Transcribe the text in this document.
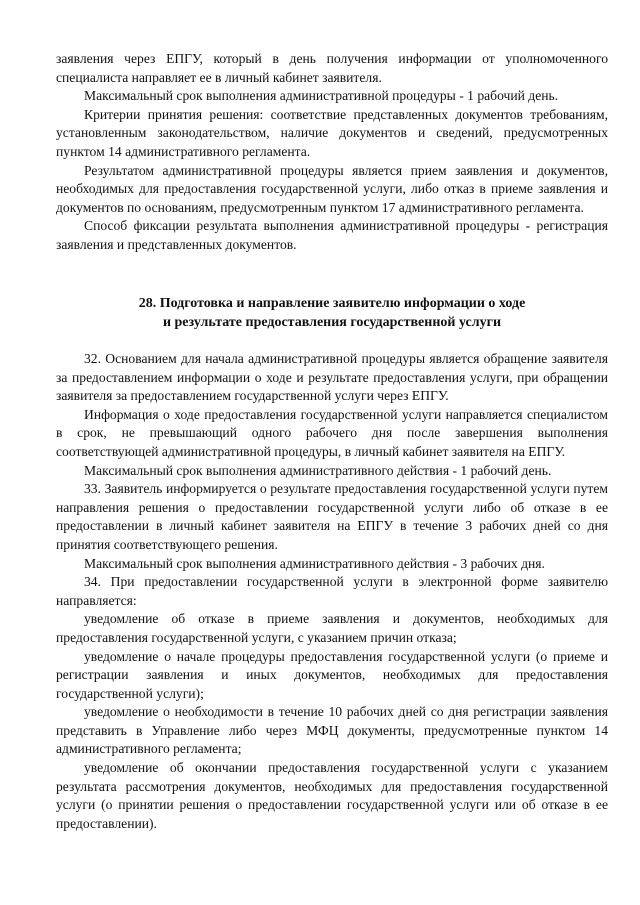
заявления через ЕПГУ, который в день получения информации от уполномоченного специалиста направляет ее в личный кабинет заявителя.

Максимальный срок выполнения административной процедуры - 1 рабочий день.

Критерии принятия решения: соответствие представленных документов требованиям, установленным законодательством, наличие документов и сведений, предусмотренных пунктом 14 административного регламента.

Результатом административной процедуры является прием заявления и документов, необходимых для предоставления государственной услуги, либо отказ в приеме заявления и документов по основаниям, предусмотренным пунктом 17 административного регламента.

Способ фиксации результата выполнения административной процедуры - регистрация заявления и представленных документов.

28. Подготовка и направление заявителю информации о ходе
и результате предоставления государственной услуги

32. Основанием для начала административной процедуры является обращение заявителя за предоставлением информации о ходе и результате предоставления услуги, при обращении заявителя за предоставлением государственной услуги через ЕПГУ.

Информация о ходе предоставления государственной услуги направляется специалистом в срок, не превышающий одного рабочего дня после завершения выполнения соответствующей административной процедуры, в личный кабинет заявителя на ЕПГУ.

Максимальный срок выполнения административного действия - 1 рабочий день.

33. Заявитель информируется о результате предоставления государственной услуги путем направления решения о предоставлении государственной услуги либо об отказе в ее предоставлении в личный кабинет заявителя на ЕПГУ в течение 3 рабочих дней со дня принятия соответствующего решения.

Максимальный срок выполнения административного действия - 3 рабочих дня.

34. При предоставлении государственной услуги в электронной форме заявителю направляется:

уведомление об отказе в приеме заявления и документов, необходимых для предоставления государственной услуги, с указанием причин отказа;

уведомление о начале процедуры предоставления государственной услуги (о приеме и регистрации заявления и иных документов, необходимых для предоставления государственной услуги);

уведомление о необходимости в течение 10 рабочих дней со дня регистрации заявления представить в Управление либо через МФЦ документы, предусмотренные пунктом 14 административного регламента;

уведомление об окончании предоставления государственной услуги с указанием результата рассмотрения документов, необходимых для предоставления государственной услуги (о принятии решения о предоставлении государственной услуги или об отказе в ее предоставлении).
